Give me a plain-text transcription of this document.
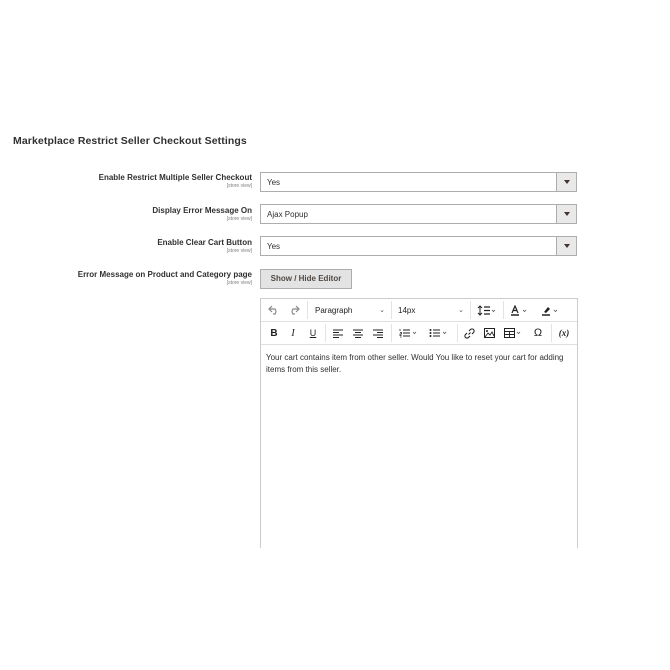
Marketplace Restrict Seller Checkout Settings
Enable Restrict Multiple Seller Checkout
[store view] Yes
Display Error Message On
[store view] Ajax Popup
Enable Clear Cart Button
[store view] Yes
Error Message on Product and Category page
[store view]	Show / Hide Editor
Paragraph	⌄ 14px	⌄
B	I	U	Ω	(x)
Your cart contains item from other seller. Would You like to reset your cart for adding items from this seller.
